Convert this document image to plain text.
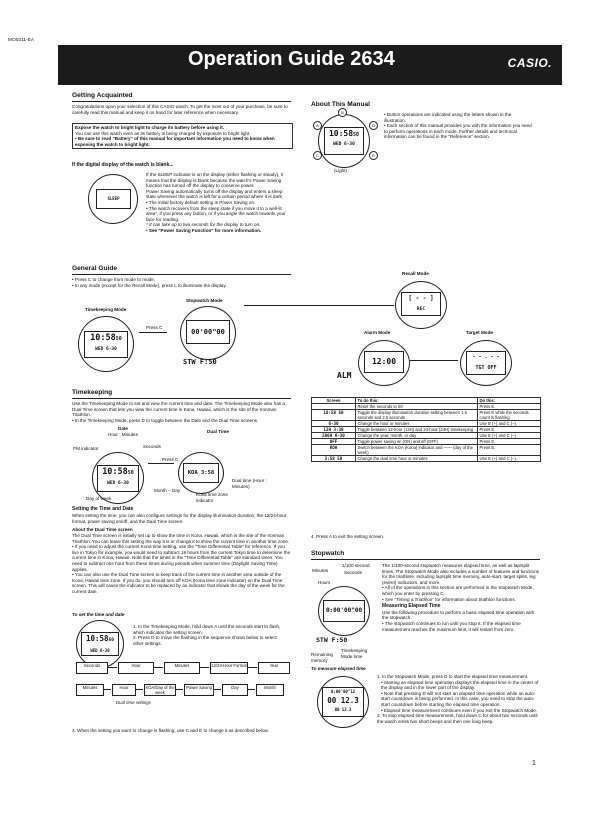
MO0311-EA
Operation Guide 2634	CASIO.
Getting Acquainted
Congratulations upon your selection of this CASIO watch. To get the most out of your purchase, be sure to carefully read this manual and keep it on hand for later reference when necessary.
Expose the watch to bright light to charge its battery before using it.
You can use this watch even as its battery is being charged by exposure to bright light.
• Be sure to read "Battery" of this manual for important information you need to know when exposing the watch to bright light.
If the digital display of the watch is blank...
SLEEP
If the SLEEP indicator is on the display (either flashing or steady), it means that the display is blank because the watch's Power Saving function has turned off the display to conserve power.
Power Saving automatically turns off the display and enters a sleep state whenever the watch is left for a certain period where it is dark.
• The initial factory default setting is Power Saving on.
• The watch recovers from the sleep state if you move it to a well-lit area*, if you press any button, or if you angle the watch towards your face for reading.
* It can take up to two seconds for the display to turn on.
• See "Power Saving Function" for more information.
About This Manual
10:5850
WED 6-30
A	D
C	E
B
(Light)
• Button operations are indicated using the letters shown in the illustration.
• Each section of this manual provides you with the information you need to perform operations in each mode. Further details and technical information can be found in the "Reference" section.
General Guide
• Press C to change from mode to mode.
• In any mode (except for the Recall Mode), press L to illuminate the display.
Timekeeping Mode
10:5850
WED 6-30
Press C
Stopwatch Mode
00'00"00
STW F:50
Recall Mode
[ - - ]
REC
Alarm Mode
12:00
ALM
Target Mode
- - . - -
TGT OFF
Timekeeping
Use the Timekeeping Mode to set and view the current time and date. The Timekeeping Mode also has a Dual Time screen that lets you view the current time in Kona, Hawaii, which is the site of the Ironman Triathlon.
• In the Timekeeping Mode, press D to toggle between the Date and the Dual Time screens.
Date
Dual Time
Hour : Minutes
PM indicator	Seconds
10:5850
WED 6-30
Press C
KOA 3:58
Dual time (Hour : Minutes)
Month – Day
Kona time zone indicator
Day of week
Setting the Time and Date
When setting the time, you can also configure settings for the display illumination duration, the 12/24-hour format, power saving on/off, and the Dual Time screen.
About the Dual Time screen
The Dual Time screen is initially set up to show the time in Kona, Hawaii, which is the site of the Ironman Triathlon. You can leave this setting the way it is or change it to show the current time in another time zone.
• If you need to adjust the current Kona time setting, use the "Time Differential Table" for reference. If you live in Tokyo for example, you would need to subtract 19 hours from the current Tokyo time to determine the current time in Kona, Hawaii. Note that the times in the "Time Differential Table" are standard times. You need to subtract one hour from these times during periods when summer time (Daylight Saving Time) applies.
• You can also use the Dual Time screen to keep track of the current time in another area outside of the Kona, Hawaii time zone. If you do, you should turn off KOA (Kona time zone indicator) on the Dual Time screen. This will cause the indicator to be replaced by an indicator that shows the day of the week for the current date.
To set the time and date
10:5850
WED 6-30
1. In the Timekeeping Mode, hold down A until the seconds start to flash, which indicates the setting screen.
2. Press D to move the flashing in the sequence shown below to select other settings.
Seconds	Hour	Minutes	12/24-Hour Format	Year
Minutes	Hour	KOA/Day of the week
Power Saving	Day	Month
Dual time settings
3. When the setting you want to change is flashing, use C and E to change it as described below.
Screen	To do this:	Do this:
	Reset the seconds to 00	Press E.
10:58 50	Toggle the display illumination duration setting between 1.5 seconds and 2.5 seconds	Press E while the seconds count is flashing.
6-30	Change the hour or minutes	Use E (+) and C (–).
12H 3:30	Toggle between 12-hour (12H) and 24-hour (24H) timekeeping	Press E.
2009 6-30	Change the year, month, or day	Use E (+) and C (–).
OFF	Toggle power saving on (ON) and off (OFF)	Press E.
KOA	Switch between the KOA (Kona) indicator and —— (day of the week)	Press E.
3:58 50	Change the dual time hour or minutes	Use E (+) and C (–).
4. Press A to exit the setting screen.
Stopwatch
Minutes
1/100 second
Seconds
Hours
0:00'00"00
STW F:50
Remaining memory
Timekeeping Mode time
The 1/100-second stopwatch measures elapsed time, as well as lap/split times. The Stopwatch Mode also includes a number of features and functions for the triathlete, including lap/split time memory, auto-start, target splits, leg (event) indicators, and more.
• All of the operations in this section are performed in the Stopwatch Mode, which you enter by pressing C.
• See "Timing a Triathlon" for information about triathlon functions.
Measuring Elapsed Time
Use the following procedure to perform a basic elapsed time operation with the stopwatch.
• The stopwatch continues to run until you stop it. If the elapsed time measurement reaches the maximum limit, it will restart from zero.
To measure elapsed time
0:00'00"12
00 12.3
00 12.3
1. In the Stopwatch Mode, press D to start the elapsed time measurement.
• Starting an elapsed time operation displays the elapsed time in the center of the display and in the lower part of the display.
• Note that pressing D will not start an elapsed time operation while an auto-start countdown is being performed. In this case, you need to stop the auto-start countdown before starting the elapsed time operation.
• Elapsed time measurement continues even if you exit the Stopwatch Mode.
2. To stop elapsed time measurement, hold down C for about two seconds until the watch emits two short beeps and then one long beep.
1
